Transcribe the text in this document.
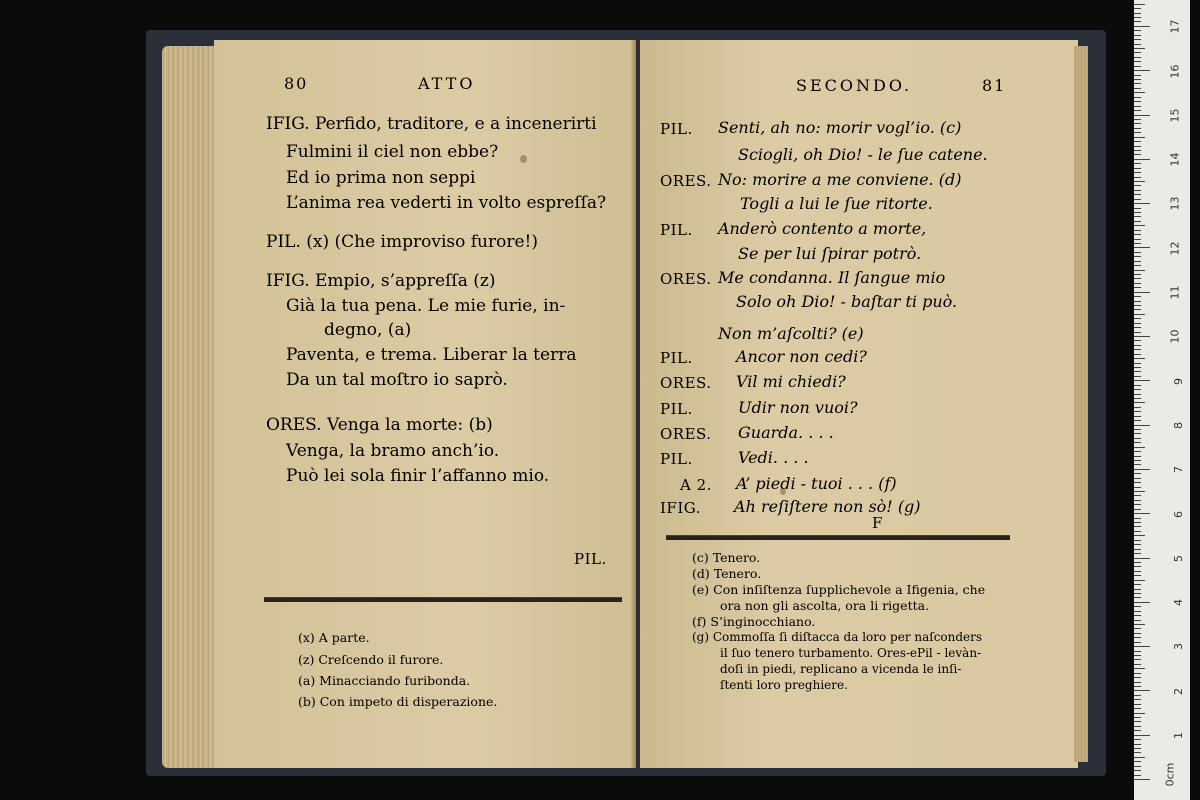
80	ATTO
IFIG. Perfido, traditore, e a incenerirti
Fulmini il ciel non ebbe?
Ed io prima non seppi
L’anima rea vederti in volto espreſſa?
PIL. (x) (Che improviso furore!)
IFIG. Empio, s’appreſſa (z)
Già la tua pena. Le mie furie, in-
degno, (a)
Paventa, e trema. Liberar la terra
Da un tal moſtro io saprò.
ORES. Venga la morte: (b)
Venga, la bramo anch’io.
Può lei sola finir l’affanno mio.
PIL.
(x) A parte.
(z) Creſcendo il furore.
(a) Minacciando furibonda.
(b) Con impeto di disperazione.
SECONDO.	81
PIL. Senti, ah no: morir vogl’io. (c)
Sciogli, oh Dio! - le ſue catene.
ORES. No: morire a me conviene. (d)
Togli a lui le ſue ritorte.
PIL. Anderò contento a morte,
Se per lui ſpirar potrò.
ORES. Me condanna. Il ſangue mio
Solo oh Dio! - baſtar ti può.
Non m’aſcolti? (e)
PIL.	Ancor non cedi?
ORES. Vil mi chiedi?
PIL.	Udir non vuoi?
ORES. Guarda. . . .
PIL.	Vedi. . . .
A 2. A’ piedi - tuoi . . . (f)
IFIG. Ah reſiſtere non sò! (g)
F
(c) Tenero.
(d) Tenero.
(e) Con inſiſtenza ſupplichevole a Ifigenia, che
ora non gli ascolta, ora li rigetta.
(f) S’inginocchiano.
(g) Commoſſa ſi diſtacca da loro per naſconders
il ſuo tenero turbamento. Ores-ePil - levàn-
doſi in piedi, replicano a vicenda le inſi-
ſtenti loro preghiere.
0cm
1
2
3
4
5
6
7
8
9
10
11
12
13
14
15
16
17
